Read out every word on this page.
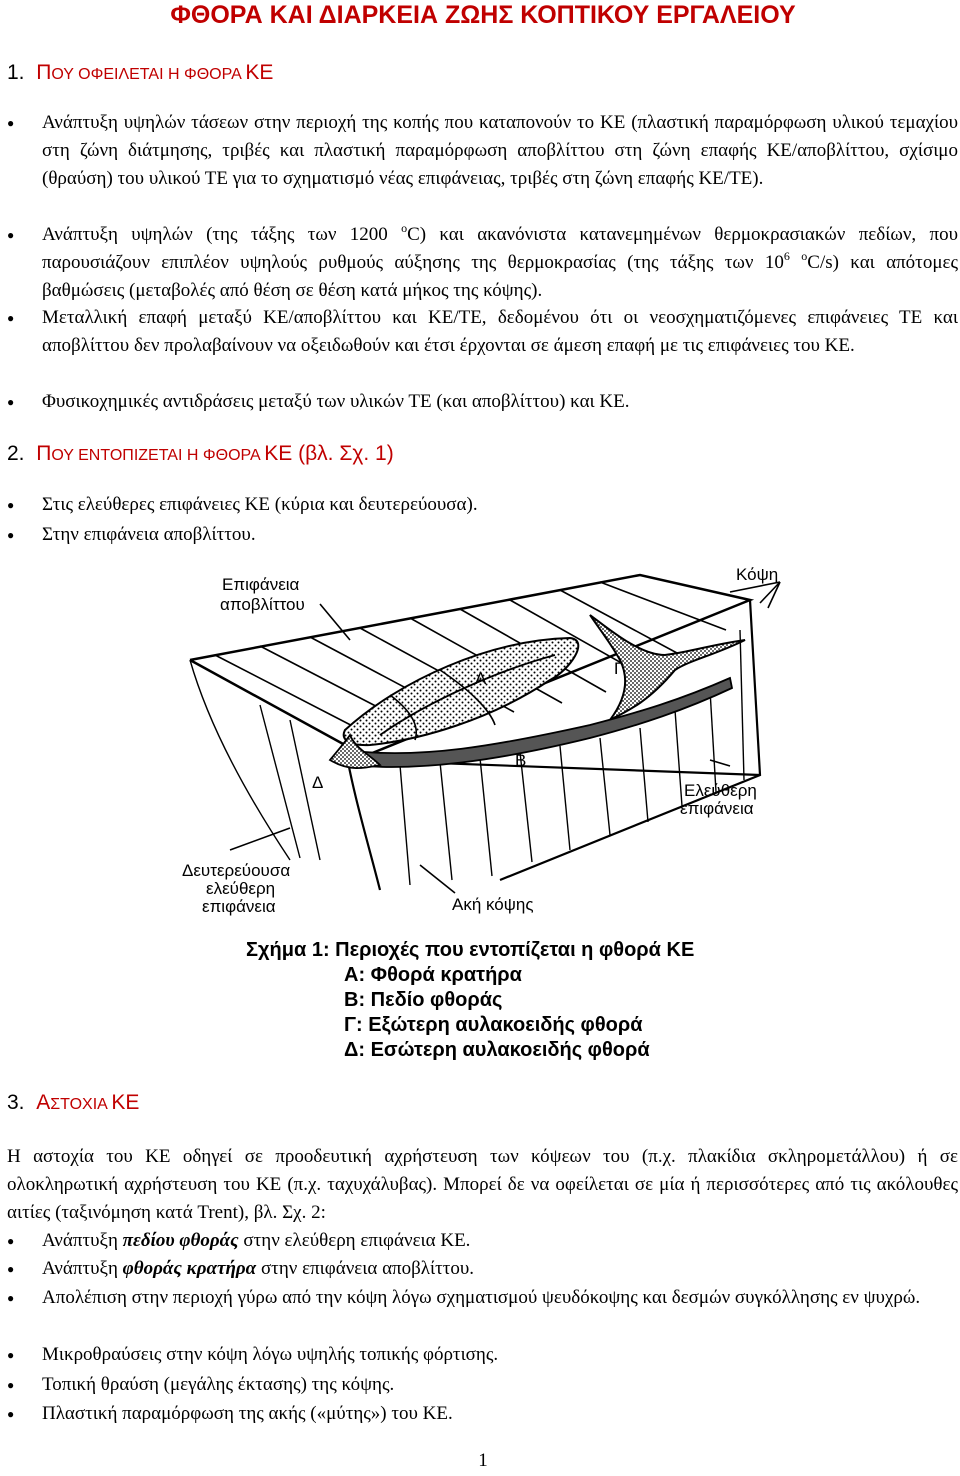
ΦΘΟΡΑ ΚΑΙ ΔΙΑΡΚΕΙΑ ΖΩΗΣ ΚΟΠΤΙΚΟΥ ΕΡΓΑΛΕΙΟΥ
1. ΠΟΥ ΟΦΕΙΛΕΤΑΙ Η ΦΘΟΡΑ ΚΕ
● Ανάπτυξη υψηλών τάσεων στην περιοχή της κοπής που καταπονούν το ΚΕ (πλαστική παραμόρφωση υλικού τεμαχίου στη ζώνη διάτμησης, τριβές και πλαστική παραμόρφωση αποβλίττου στη ζώνη επαφής ΚΕ/αποβλίττου, σχίσιμο (θραύση) του υλικού ΤΕ για το σχηματισμό νέας επιφάνειας, τριβές στη ζώνη επαφής ΚΕ/ΤΕ).
● Ανάπτυξη υψηλών (της τάξης των 1200 $^o$C) και ακανόνιστα κατανεμημένων θερμοκρασιακών πεδίων, που παρουσιάζουν επιπλέον υψηλούς ρυθμούς αύξησης της θερμοκρασίας (της τάξης των $10^6$ $^o$C/s) και απότομες βαθμώσεις (μεταβολές από θέση σε θέση κατά μήκος της κόψης).
● Μεταλλική επαφή μεταξύ ΚΕ/αποβλίττου και ΚΕ/ΤΕ, δεδομένου ότι οι νεοσχηματιζόμενες επιφάνειες ΤΕ και αποβλίττου δεν προλαβαίνουν να οξειδωθούν και έτσι έρχονται σε άμεση επαφή με τις επιφάνειες του ΚΕ.
● Φυσικοχημικές αντιδράσεις μεταξύ των υλικών ΤΕ (και αποβλίττου) και ΚΕ.
2. ΠΟΥ ΕΝΤΟΠΙΖΕΤΑΙ Η ΦΘΟΡΑ ΚΕ (βλ. Σχ. 1)
● Στις ελεύθερες επιφάνειες ΚΕ (κύρια και δευτερεύουσα).
● Στην επιφάνεια αποβλίττου.
Επιφάνεια
αποβλίττου
Κόψη
Α
Γ
Β
Δ	Ελεύθερη
επιφάνεια
Δευτερεύουσα
ελεύθερη
επιφάνεια	Ακή κόψης
Σχήμα 1: Περιοχές που εντοπίζεται η φθορά ΚΕ
Α: Φθορά κρατήρα
Β: Πεδίο φθοράς
Γ: Εξώτερη αυλακοειδής φθορά
Δ: Εσώτερη αυλακοειδής φθορά
3. ΑΣΤΟΧΙΑ ΚΕ
Η αστοχία του ΚΕ οδηγεί σε προοδευτική αχρήστευση των κόψεων του (π.χ. πλακίδια σκληρομετάλλου) ή σε ολοκληρωτική αχρήστευση του ΚΕ (π.χ. ταχυχάλυβας). Μπορεί δε να οφείλεται σε μία ή περισσότερες από τις ακόλουθες αιτίες (ταξινόμηση κατά Trent), βλ. Σχ. 2:
● Ανάπτυξη πεδίου φθοράς στην ελεύθερη επιφάνεια ΚΕ.
● Ανάπτυξη φθοράς κρατήρα στην επιφάνεια αποβλίττου.
● Απολέπιση στην περιοχή γύρω από την κόψη λόγω σχηματισμού ψευδόκοψης και δεσμών συγκόλλησης εν ψυχρώ.
● Μικροθραύσεις στην κόψη λόγω υψηλής τοπικής φόρτισης.
● Τοπική θραύση (μεγάλης έκτασης) της κόψης.
● Πλαστική παραμόρφωση της ακής («μύτης») του ΚΕ.
1
